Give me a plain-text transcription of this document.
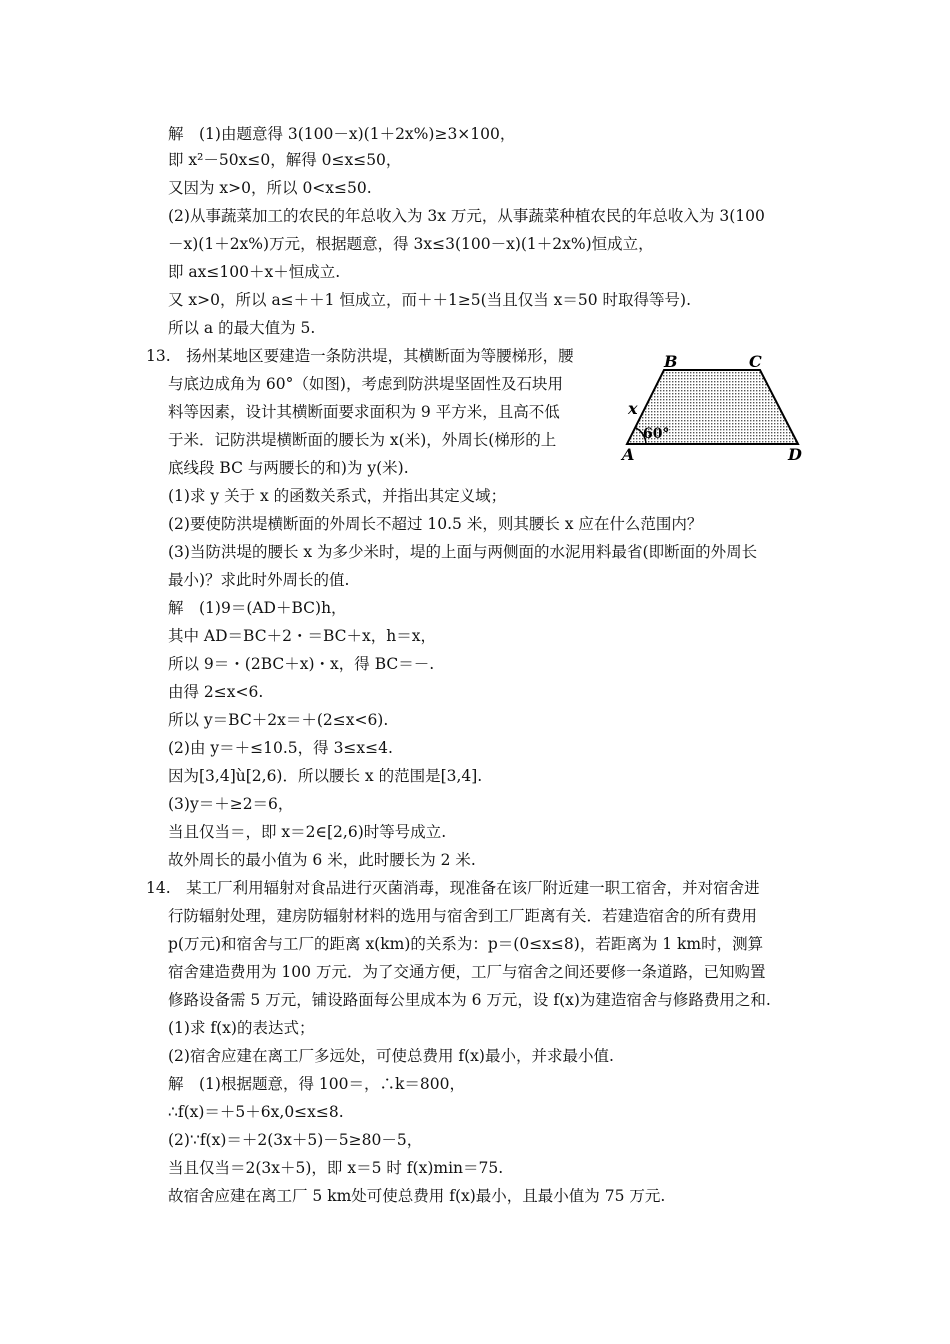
解　(1)由题意得 3(100－x)(1＋2x%)≥3×100，
即 x²－50x≤0，解得 0≤x≤50，
又因为 x>0，所以 0<x≤50.
(2)从事蔬菜加工的农民的年总收入为 3x 万元，从事蔬菜种植农民的年总收入为 3(100
－x)(1＋2x%)万元，根据题意，得 3x≤3(100－x)(1＋2x%)恒成立，
即 ax≤100＋x＋恒成立.
又 x>0，所以 a≤＋＋1 恒成立，而＋＋1≥5(当且仅当 x＝50 时取得等号).
所以 a 的最大值为 5.
13.　扬州某地区要建造一条防洪堤，其横断面为等腰梯形，腰
与底边成角为 60°（如图)，考虑到防洪堤坚固性及石块用
料等因素，设计其横断面要求面积为 9 平方米，且高不低
于米．记防洪堤横断面的腰长为 x(米)，外周长(梯形的上
底线段 BC 与两腰长的和)为 y(米).
(1)求 y 关于 x 的函数关系式，并指出其定义域；
(2)要使防洪堤横断面的外周长不超过 10.5 米，则其腰长 x 应在什么范围内？
(3)当防洪堤的腰长 x 为多少米时，堤的上面与两侧面的水泥用料最省(即断面的外周长
最小)？求此时外周长的值.
解　(1)9＝(AD＋BC)h，
其中 AD＝BC＋2・＝BC＋x，h＝x，
所以 9＝・(2BC＋x)・x，得 BC＝－.
由得 2≤x<6.
所以 y＝BC＋2x＝＋(2≤x<6).
(2)由 y＝＋≤10.5，得 3≤x≤4.
因为[3,4]ù[2,6)．所以腰长 x 的范围是[3,4].
(3)y＝＋≥2＝6，
当且仅当＝，即 x＝2∈[2,6)时等号成立.
故外周长的最小值为 6 米，此时腰长为 2 米.
14.　某工厂利用辐射对食品进行灭菌消毒，现准备在该厂附近建一职工宿舍，并对宿舍进
行防辐射处理，建房防辐射材料的选用与宿舍到工厂距离有关．若建造宿舍的所有费用
p(万元)和宿舍与工厂的距离 x(km)的关系为：p＝(0≤x≤8)，若距离为 1 km时，测算
宿舍建造费用为 100 万元．为了交通方便，工厂与宿舍之间还要修一条道路，已知购置
修路设备需 5 万元，铺设路面每公里成本为 6 万元，设 f(x)为建造宿舍与修路费用之和.
(1)求 f(x)的表达式；
(2)宿舍应建在离工厂多远处，可使总费用 f(x)最小，并求最小值.
解　(1)根据题意，得 100＝，∴k＝800，
∴f(x)＝＋5＋6x,0≤x≤8.
(2)∵f(x)＝＋2(3x＋5)－5≥80－5，
当且仅当＝2(3x＋5)，即 x＝5 时 f(x)min＝75.
故宿舍应建在离工厂 5 km处可使总费用 f(x)最小，且最小值为 75 万元.
B	C
x
60°
A	D
